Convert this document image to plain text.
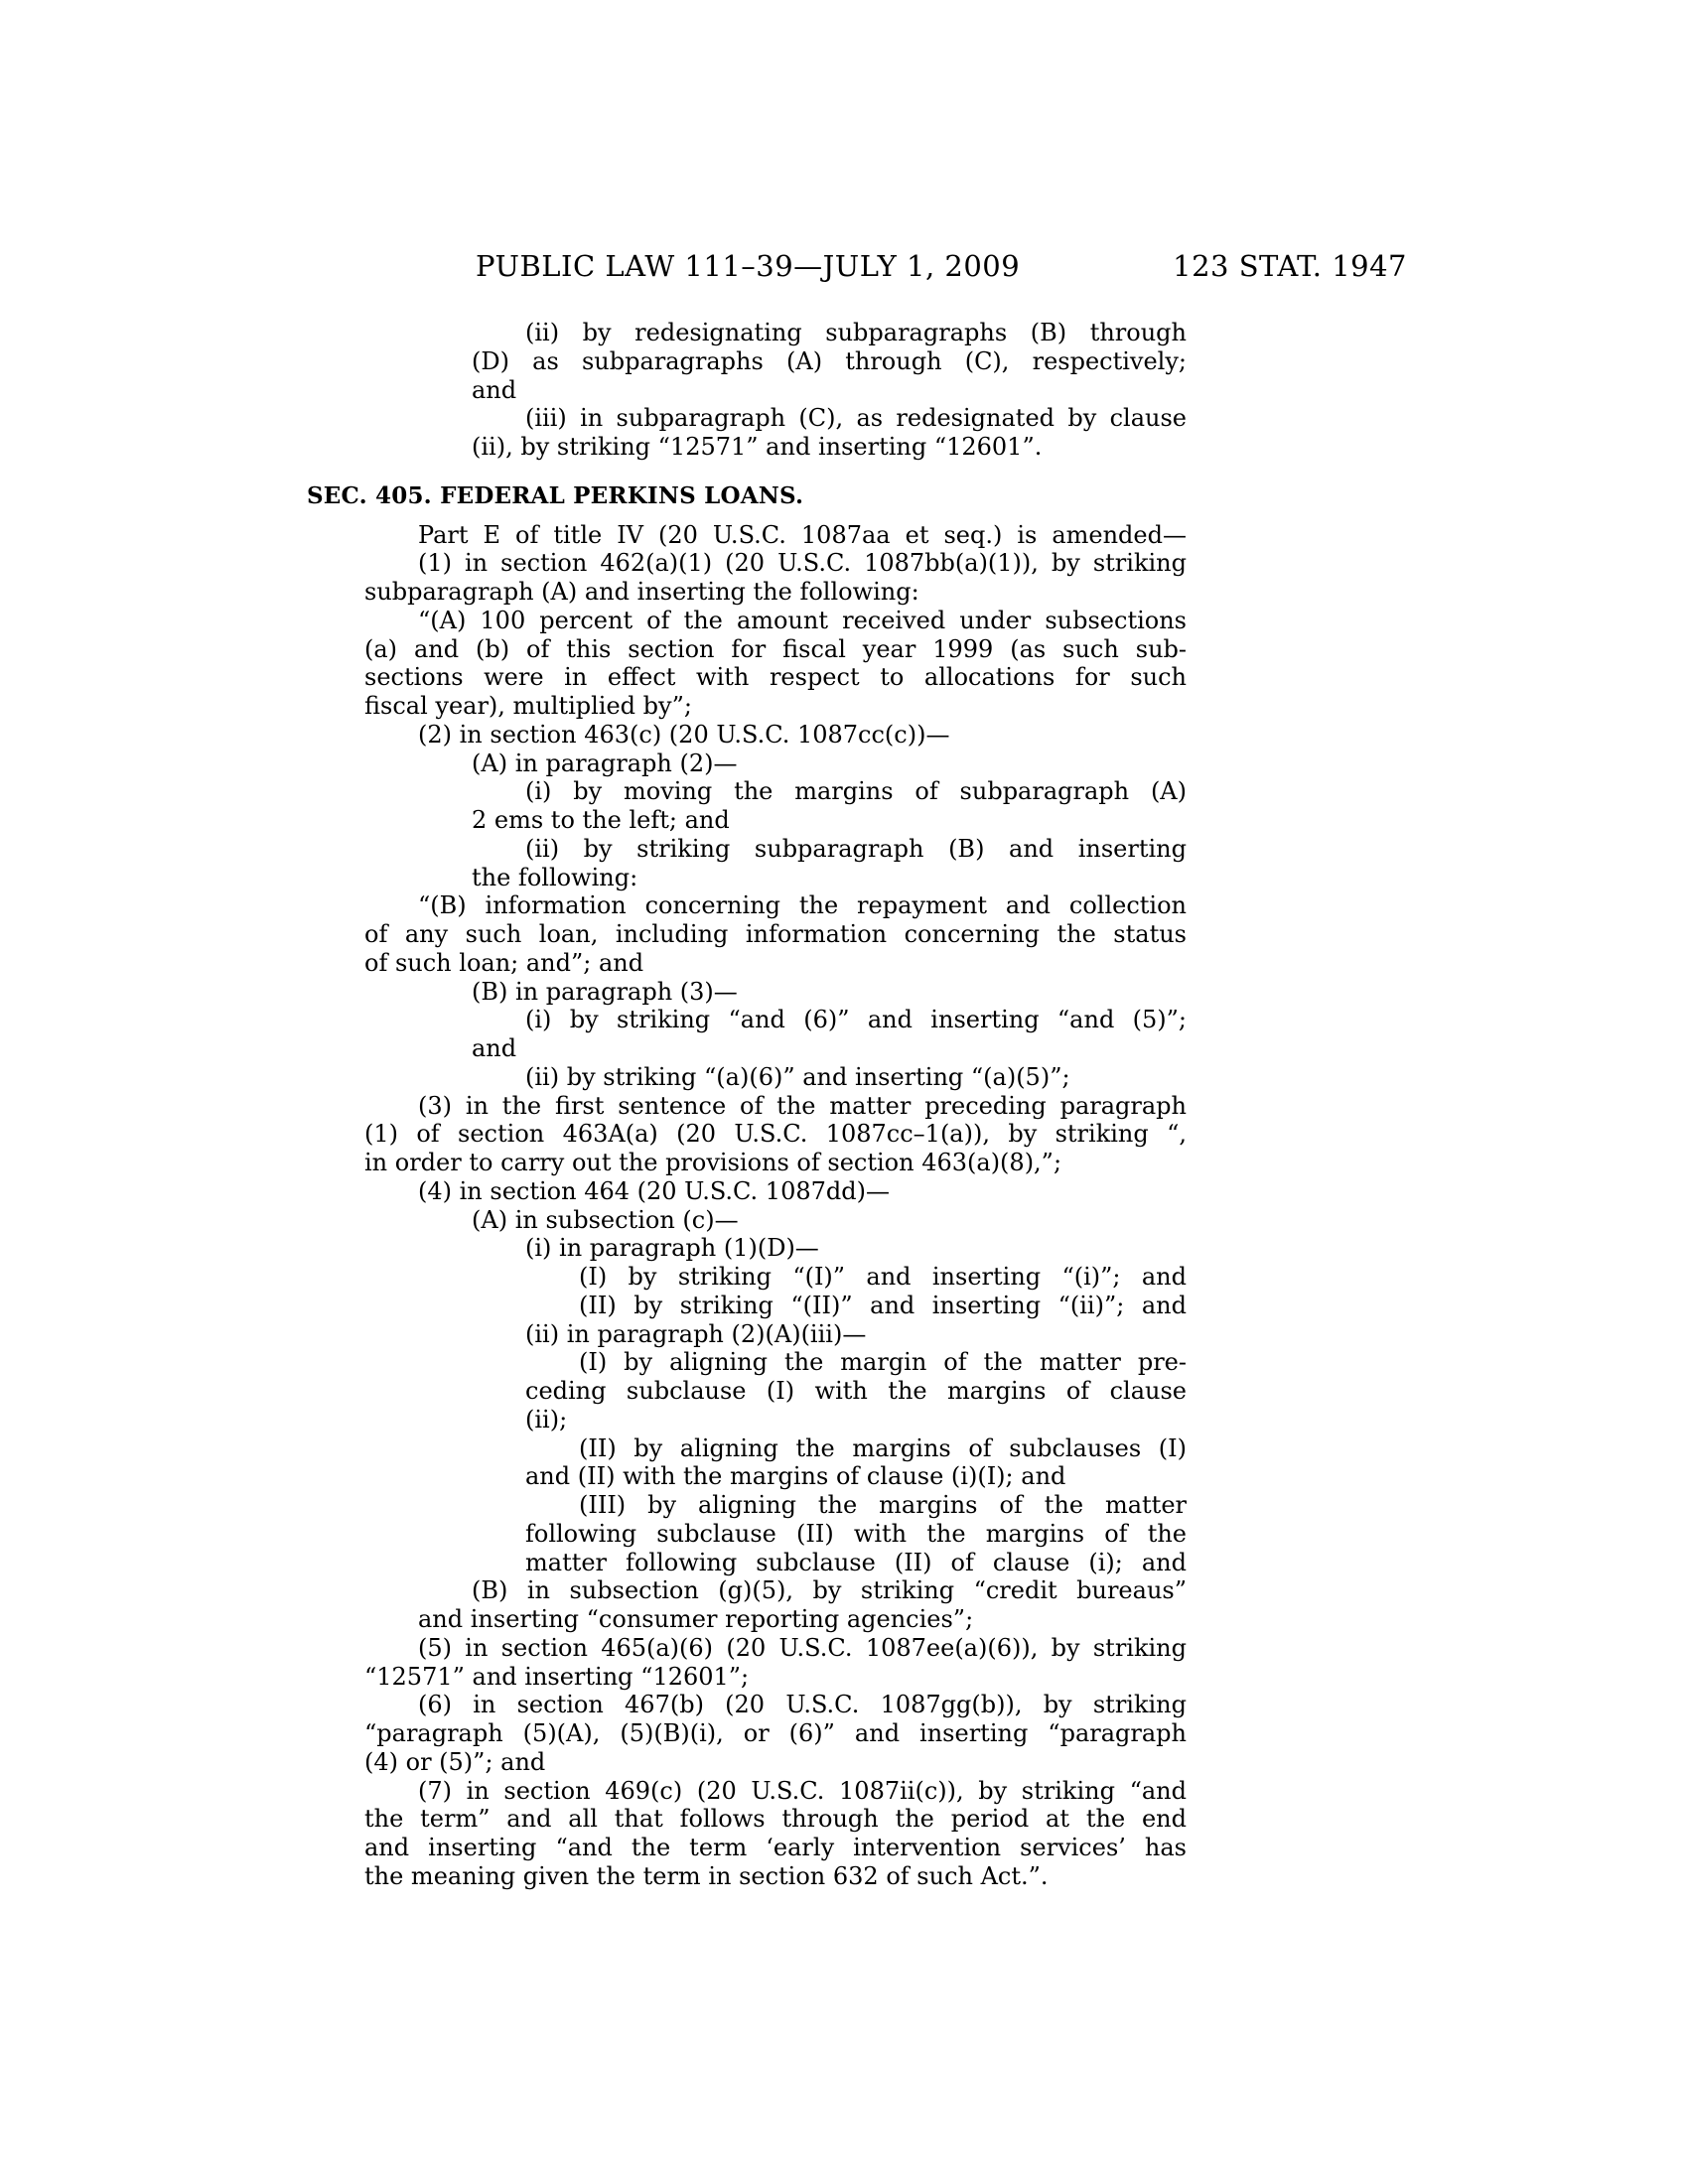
PUBLIC LAW 111–39—JULY 1, 2009	123 STAT. 1947
(ii) by redesignating subparagraphs (B) through
(D) as subparagraphs (A) through (C), respectively;
and
(iii) in subparagraph (C), as redesignated by clause
(ii), by striking “12571” and inserting “12601”.
SEC. 405. FEDERAL PERKINS LOANS.
Part E of title IV (20 U.S.C. 1087aa et seq.) is amended—
(1) in section 462(a)(1) (20 U.S.C. 1087bb(a)(1)), by striking
subparagraph (A) and inserting the following:
“(A) 100 percent of the amount received under subsections
(a) and (b) of this section for fiscal year 1999 (as such sub-
sections were in effect with respect to allocations for such
fiscal year), multiplied by”;
(2) in section 463(c) (20 U.S.C. 1087cc(c))—
(A) in paragraph (2)—
(i) by moving the margins of subparagraph (A)
2 ems to the left; and
(ii) by striking subparagraph (B) and inserting
the following:
“(B) information concerning the repayment and collection
of any such loan, including information concerning the status
of such loan; and”; and
(B) in paragraph (3)—
(i) by striking “and (6)” and inserting “and (5)”;
and
(ii) by striking “(a)(6)” and inserting “(a)(5)”;
(3) in the first sentence of the matter preceding paragraph
(1) of section 463A(a) (20 U.S.C. 1087cc–1(a)), by striking “,
in order to carry out the provisions of section 463(a)(8),”;
(4) in section 464 (20 U.S.C. 1087dd)—
(A) in subsection (c)—
(i) in paragraph (1)(D)—
(I) by striking “(I)” and inserting “(i)”; and
(II) by striking “(II)” and inserting “(ii)”; and
(ii) in paragraph (2)(A)(iii)—
(I) by aligning the margin of the matter pre-
ceding subclause (I) with the margins of clause
(ii);
(II) by aligning the margins of subclauses (I)
and (II) with the margins of clause (i)(I); and
(III) by aligning the margins of the matter
following subclause (II) with the margins of the
matter following subclause (II) of clause (i); and
(B) in subsection (g)(5), by striking “credit bureaus”
and inserting “consumer reporting agencies”;
(5) in section 465(a)(6) (20 U.S.C. 1087ee(a)(6)), by striking
“12571” and inserting “12601”;
(6) in section 467(b) (20 U.S.C. 1087gg(b)), by striking
“paragraph (5)(A), (5)(B)(i), or (6)” and inserting “paragraph
(4) or (5)”; and
(7) in section 469(c) (20 U.S.C. 1087ii(c)), by striking “and
the term” and all that follows through the period at the end
and inserting “and the term ‘early intervention services’ has
the meaning given the term in section 632 of such Act.”.
